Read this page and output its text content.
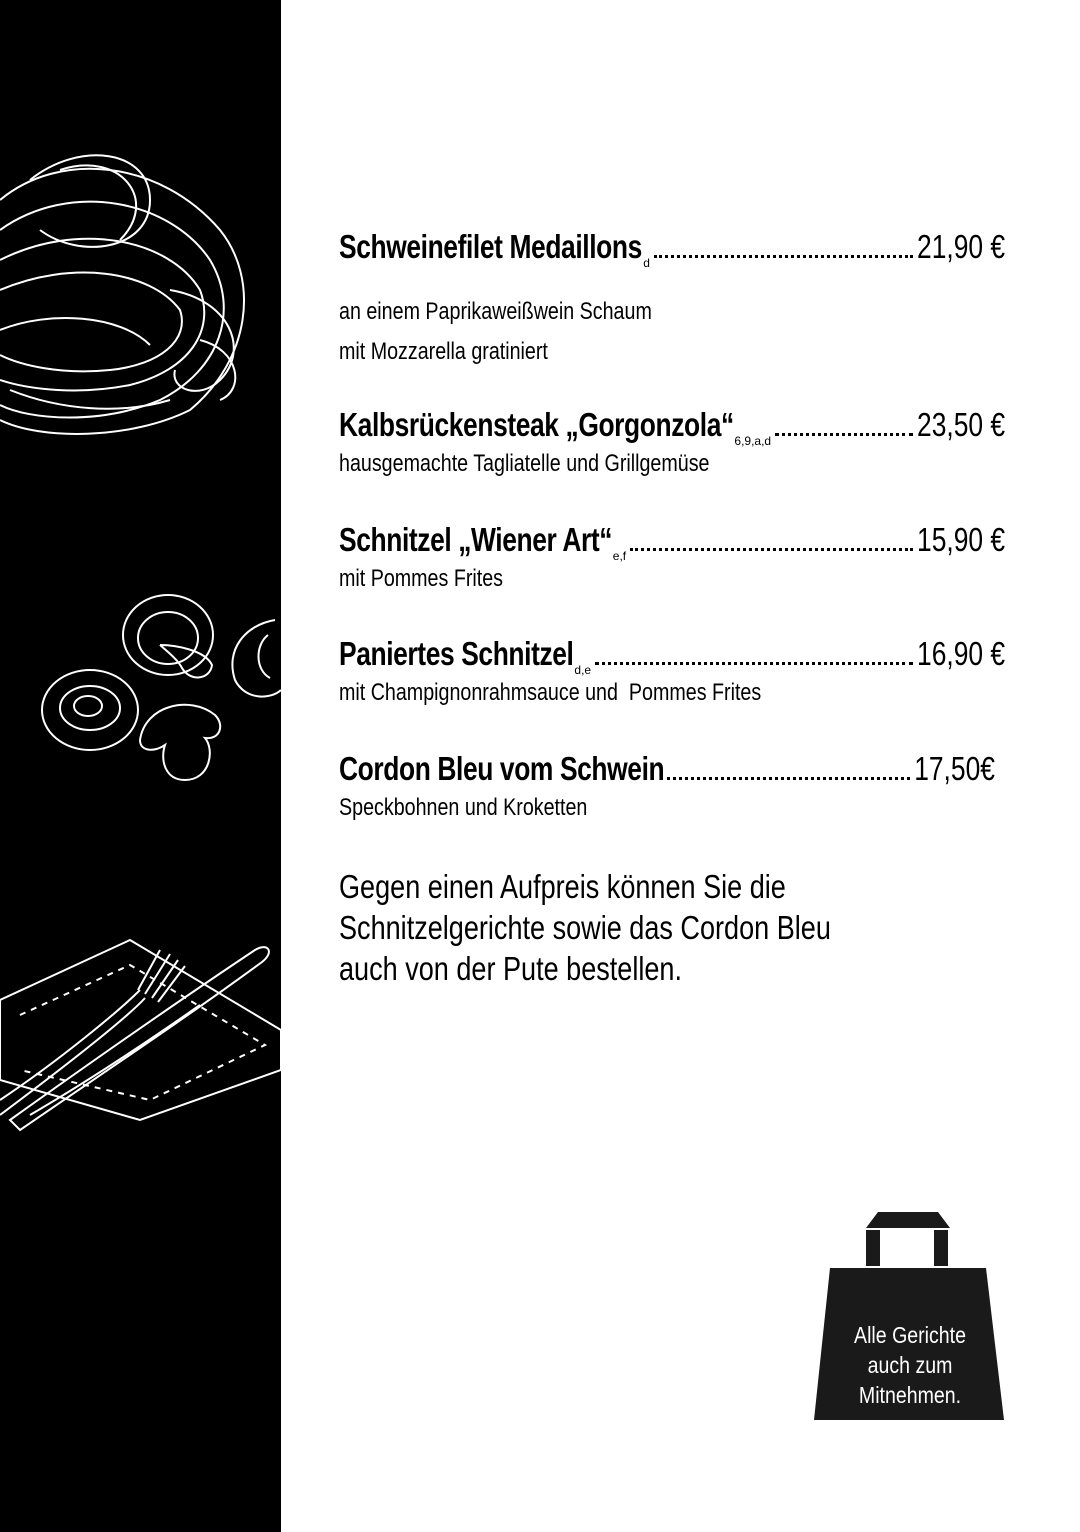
Schweinefilet Medaillons d	21,90 €
an einem Paprikaweißwein Schaum
mit Mozzarella gratiniert
Kalbsrückensteak „Gorgonzola“ 6,9,a,d	23,50 €
hausgemachte Tagliatelle und Grillgemüse
Schnitzel „Wiener Art“ e,f	15,90 €
mit Pommes Frites
Paniertes Schnitzel d,e	16,90 €
mit Champignonrahmsauce und  Pommes Frites
Cordon Bleu vom Schwein	17,50€
Speckbohnen und Kroketten
Gegen einen Aufpreis können Sie die
Schnitzelgerichte sowie das Cordon Bleu
auch von der Pute bestellen.
Alle Gerichte
auch zum
Mitnehmen.
